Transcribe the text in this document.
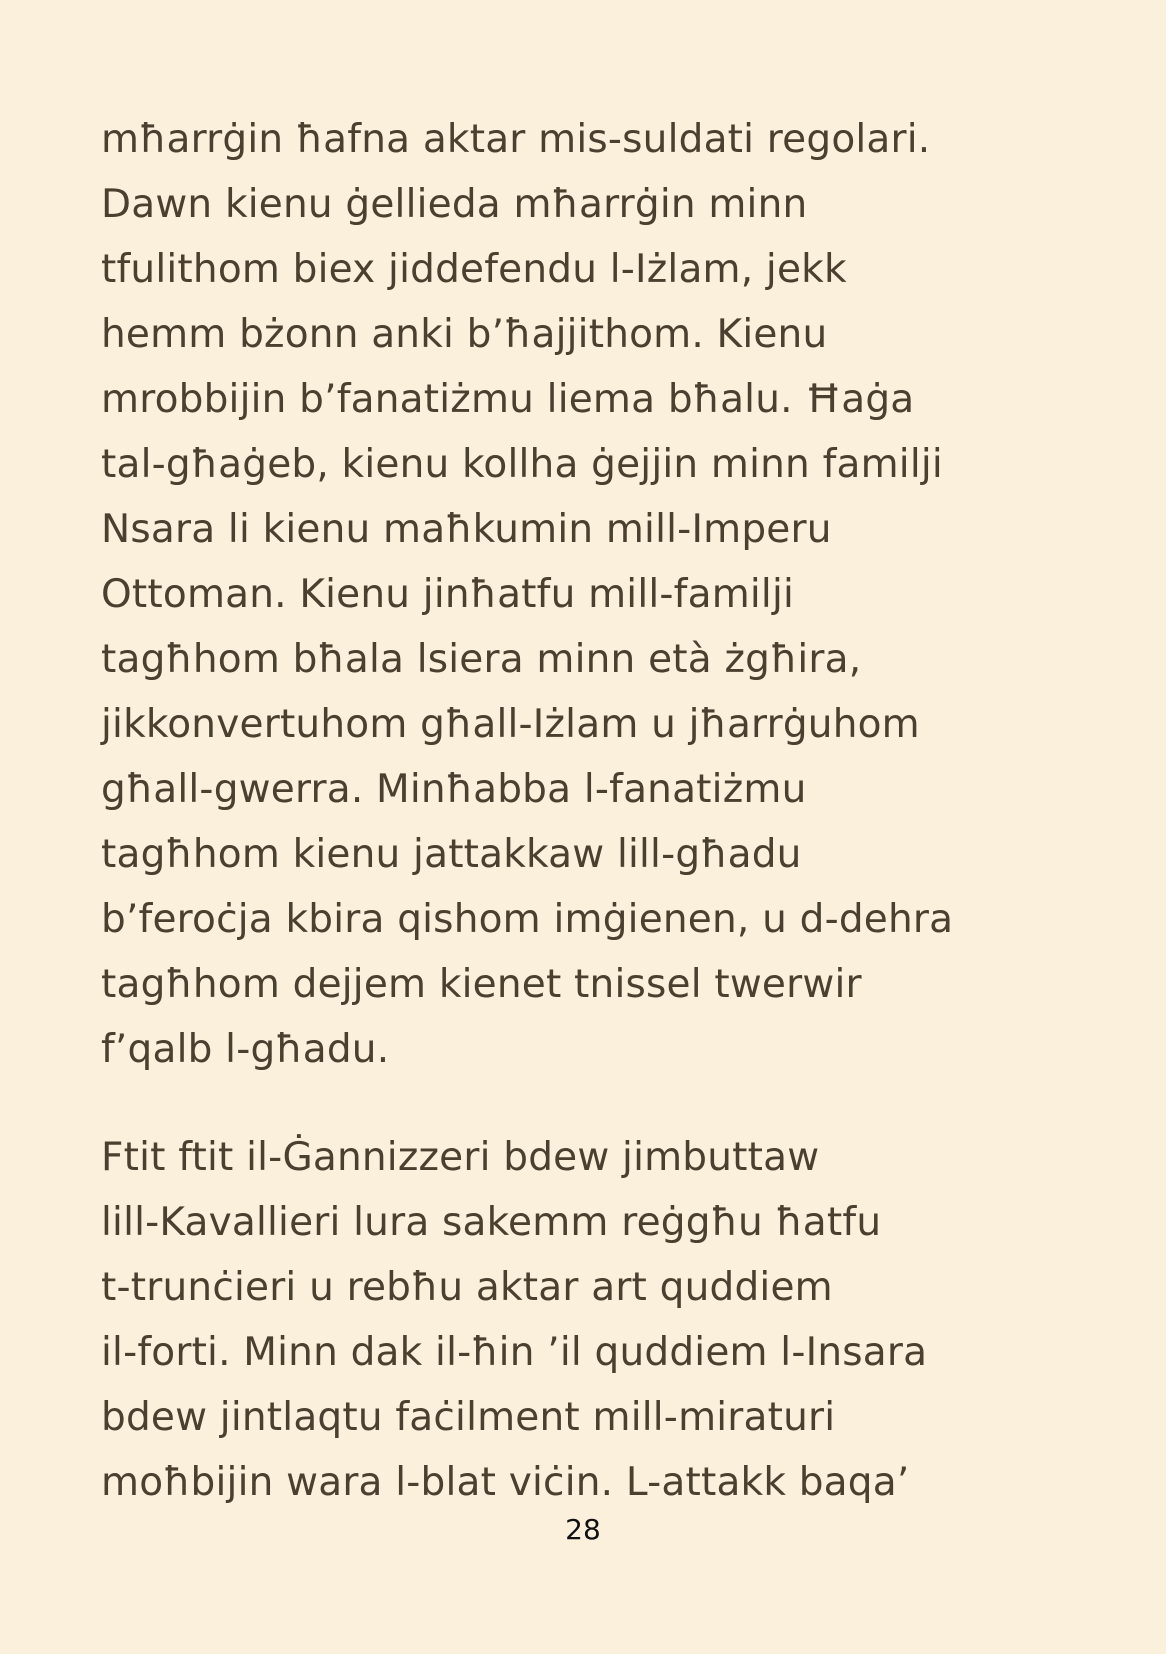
mħarrġin ħafna aktar mis-suldati regolari.
Dawn kienu ġellieda mħarrġin minn
tfulithom biex jiddefendu l-Iżlam, jekk
hemm bżonn anki b’ħajjithom. Kienu
mrobbijin b’fanatiżmu liema bħalu. Ħaġa
tal-għaġeb, kienu kollha ġejjin minn familji
Nsara li kienu maħkumin mill-Imperu
Ottoman. Kienu jinħatfu mill-familji
tagħhom bħala lsiera minn età żgħira,
jikkonvertuhom għall-Iżlam u jħarrġuhom
għall-gwerra. Minħabba l-fanatiżmu
tagħhom kienu jattakkaw lill-għadu
b’feroċja kbira qishom imġienen, u d-dehra
tagħhom dejjem kienet tnissel twerwir
f’qalb l-għadu.
Ftit ftit il-Ġannizzeri bdew jimbuttaw
lill-Kavallieri lura sakemm reġgħu ħatfu
t-trunċieri u rebħu aktar art quddiem
il-forti. Minn dak il-ħin ’il quddiem l-Insara
bdew jintlaqtu faċilment mill-miraturi
moħbijin wara l-blat viċin. L-attakk baqa’
28
